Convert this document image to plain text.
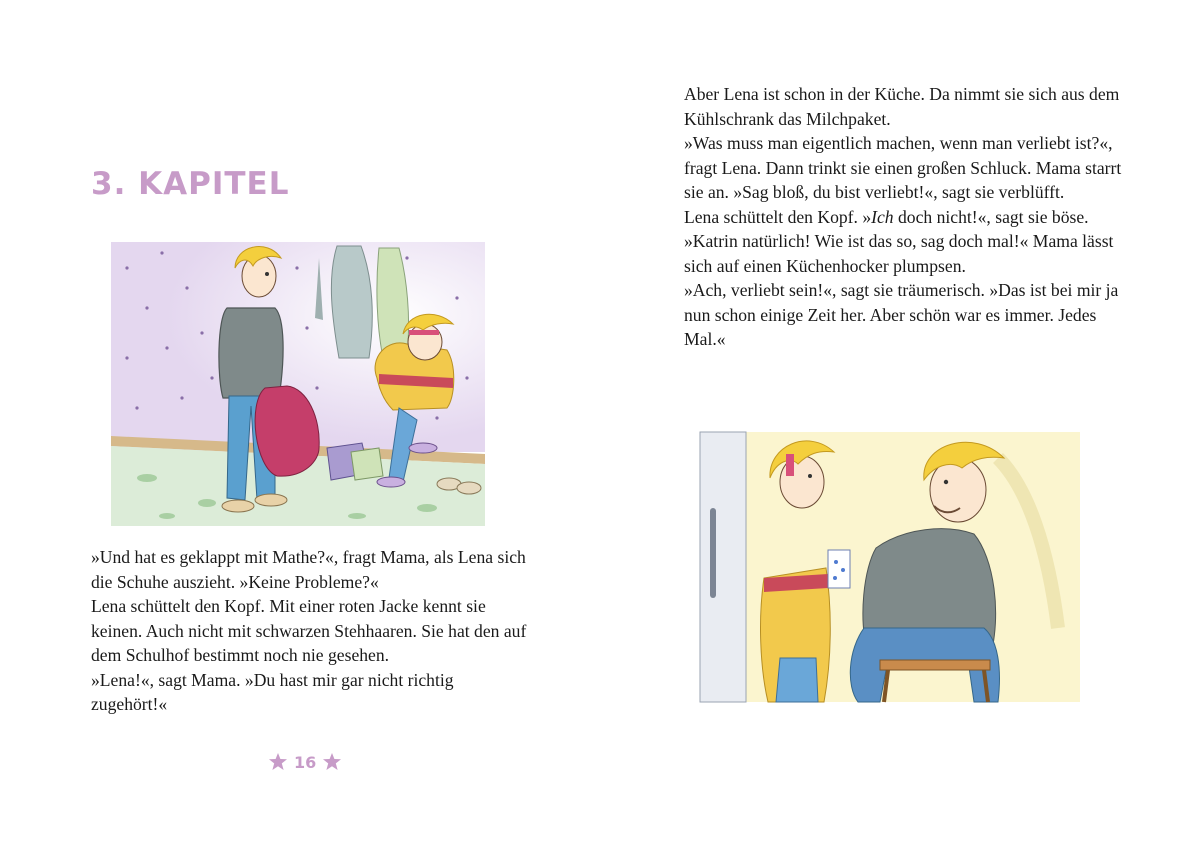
3. KAPITEL

»Und hat es geklappt mit Mathe?«, fragt Mama, als Lena sich die Schuhe auszieht. »Keine Probleme?«

Lena schüttelt den Kopf. Mit einer roten Jacke kennt sie keinen. Auch nicht mit schwarzen Stehhaaren. Sie hat den auf dem Schulhof bestimmt noch nie gesehen.

»Lena!«, sagt Mama. »Du hast mir gar nicht richtig zugehört!«

16

Aber Lena ist schon in der Küche. Da nimmt sie sich aus dem Kühlschrank das Milchpaket.

»Was muss man eigentlich machen, wenn man verliebt ist?«, fragt Lena. Dann trinkt sie einen großen Schluck. Mama starrt sie an. »Sag bloß, du bist verliebt!«, sagt sie verblüfft.

Lena schüttelt den Kopf. »Ich doch nicht!«, sagt sie böse. »Katrin natürlich! Wie ist das so, sag doch mal!« Mama lässt sich auf einen Küchenhocker plumpsen.

»Ach, verliebt sein!«, sagt sie träumerisch. »Das ist bei mir ja nun schon einige Zeit her. Aber schön war es immer. Jedes Mal.«
